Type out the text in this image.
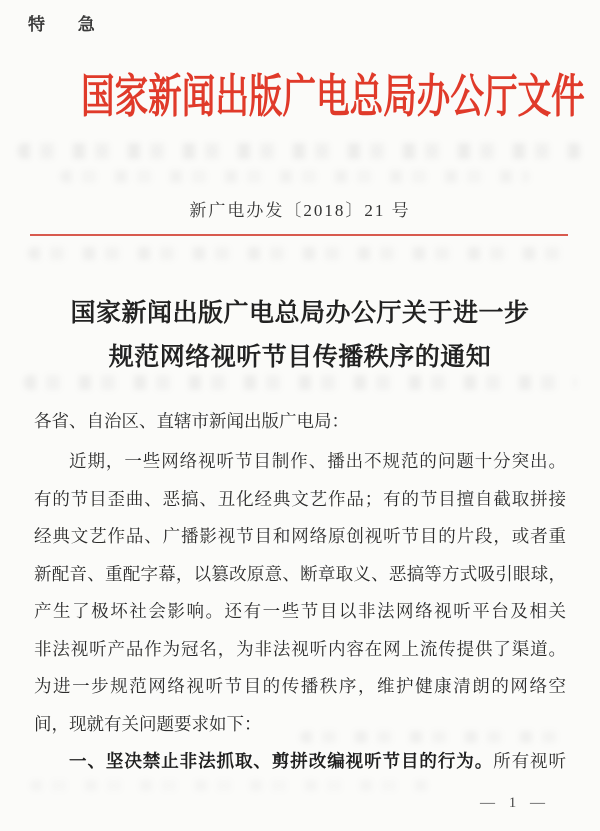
特 急
国家新闻出版广电总局办公厅文件
新广电办发〔2018〕21 号
国家新闻出版广电总局办公厅关于进一步
规范网络视听节目传播秩序的通知
各省、自治区、直辖市新闻出版广电局：
近期，一些网络视听节目制作、播出不规范的问题十分突出。
有的节目歪曲、恶搞、丑化经典文艺作品；有的节目擅自截取拼接
经典文艺作品、广播影视节目和网络原创视听节目的片段，或者重
新配音、重配字幕，以篡改原意、断章取义、恶搞等方式吸引眼球，
产生了极坏社会影响。还有一些节目以非法网络视听平台及相关
非法视听产品作为冠名，为非法视听内容在网上流传提供了渠道。
为进一步规范网络视听节目的传播秩序，维护健康清朗的网络空
间，现就有关问题要求如下：
一、坚决禁止非法抓取、剪拼改编视听节目的行为。所有视听
— 1 —
